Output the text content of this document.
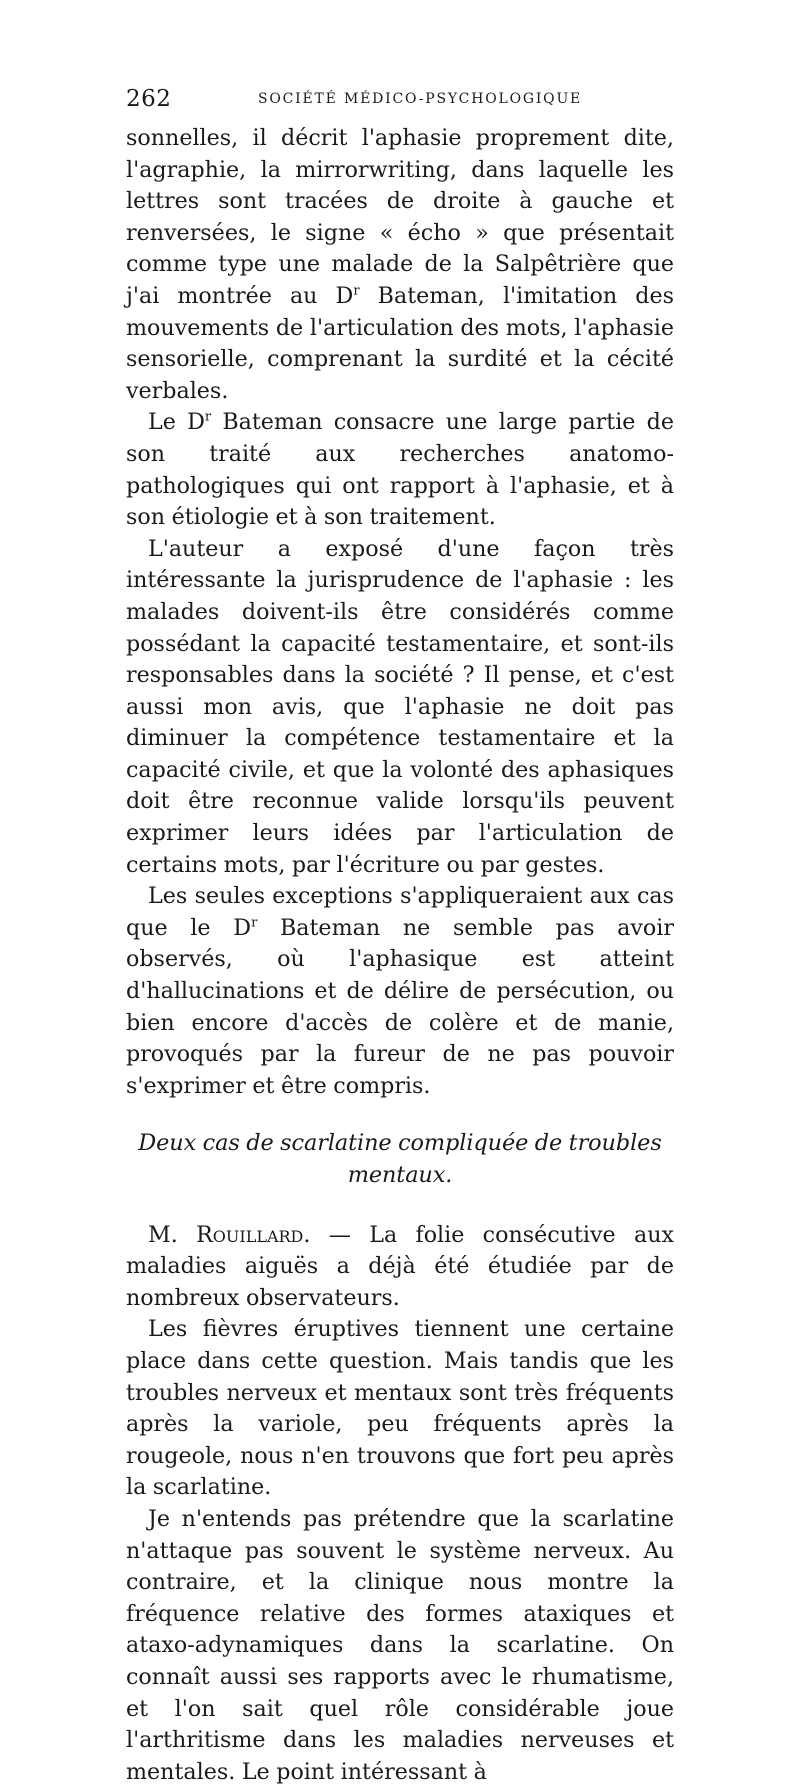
262	SOCIÉTÉ MÉDICO-PSYCHOLOGIQUE

sonnelles, il décrit l'aphasie proprement dite, l'agraphie, la mirrorwriting, dans laquelle les lettres sont tracées de droite à gauche et renversées, le signe « écho » que présentait comme type une malade de la Salpêtrière que j'ai montrée au $D^r$ Bateman, l'imitation des mouvements de l'articulation des mots, l'aphasie sensorielle, comprenant la surdité et la cécité verbales.

Le $D^r$ Bateman consacre une large partie de son traité aux recherches anatomo-pathologiques qui ont rapport à l'aphasie, et à son étiologie et à son traitement.

L'auteur a exposé d'une façon très intéressante la jurisprudence de l'aphasie : les malades doivent-ils être considérés comme possédant la capacité testamentaire, et sont-ils responsables dans la société ? Il pense, et c'est aussi mon avis, que l'aphasie ne doit pas diminuer la compétence testamentaire et la capacité civile, et que la volonté des aphasiques doit être reconnue valide lorsqu'ils peuvent exprimer leurs idées par l'articulation de certains mots, par l'écriture ou par gestes.

Les seules exceptions s'appliqueraient aux cas que le $D^r$ Bateman ne semble pas avoir observés, où l'aphasique est atteint d'hallucinations et de délire de persécution, ou bien encore d'accès de colère et de manie, provoqués par la fureur de ne pas pouvoir s'exprimer et être compris.

Deux cas de scarlatine compliquée de troubles mentaux.

M. Rouillard. — La folie consécutive aux maladies aiguës a déjà été étudiée par de nombreux observateurs.

Les fièvres éruptives tiennent une certaine place dans cette question. Mais tandis que les troubles nerveux et mentaux sont très fréquents après la variole, peu fréquents après la rougeole, nous n'en trouvons que fort peu après la scarlatine.

Je n'entends pas prétendre que la scarlatine n'attaque pas souvent le système nerveux. Au contraire, et la clinique nous montre la fréquence relative des formes ataxiques et ataxo-adynamiques dans la scarlatine. On connaît aussi ses rapports avec le rhumatisme, et l'on sait quel rôle considérable joue l'arthritisme dans les maladies nerveuses et mentales. Le point intéressant à
